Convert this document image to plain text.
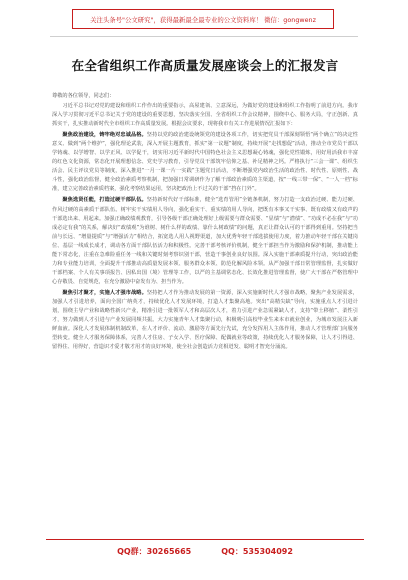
关注头条号"公文研究"，获得最新最全最专业的公文资料库！ 微信：gongwenz
在全省组织工作高质量发展座谈会上的汇报发言
尊敬的各位领导，同志们：

习近平总书记对党的建设和组织工作作出的重要指示，高屋建瓴、立意深远，为做好党的建设和组织工作指明了前进方向。我市深入学习贯彻习近平总书记关于党的建设的重要思想，坚决落实全国、全省组织工作会议精神，围绕中心、服务大局，守正创新、真抓实干，扎实推动新时代全市组织工作高质量发展。根据会议要求，现将我市有关工作进展情况汇报如下：

聚焦政治建设，铸牢绝对忠诚品格。坚持以党的政治建设统领党的建设各项工作，切实把党员干部深刻领悟“两个确立”的决定性意义、做到“两个维护”，强化理论武装，深入开展主题教育，抓实“第一议题”制度，持续开展“走找想促”活动，推动全市党员干部以学铸魂、以学增智、以学正风、以学促干，切实用习近平新时代中国特色社会主义思想凝心铸魂，强化党性锻炼，用好用活我市丰富的红色文化资源，常态化开展理想信念、党史学习教育，引导党员干部筑牢信仰之基、补足精神之钙。严格执行“三会一课”、组织生活会、民主评议党员等制度，深入推进“一月一课一片一实践”主题党日活动，不断增强党内政治生活的政治性、时代性、原则性、战斗性，强化政治监督，健全政治素质考察机制，把加强日常调研作为了解干部政治素质的主渠道，按“一线三带一保”、“一人一档”标准，建立完善政治素质档案，强化考察结果运用，坚决把政治上不过关的干部“挡在门外”。

聚焦选贤任能，打造过硬干部队伍。坚持新时代好干部标准，健全“选育管用”全链条机制，努力打造一支政治过硬、能力过硬、作风过硬的高素质干部队伍。树牢实干实绩用人导向，强化重实干、重实绩的用人导向，把既有本事又干实事、既有政绩又有政声的干部选出来、用起来。加强正确政绩观教育，引导各级干部正确处理好上级需要与群众需要、“显绩”与“潜绩”、“功成不必在我”与“功成必定有我”的关系，解决好“政绩观”为谁树、树什么样的政绩、靠什么树政绩”的问题，真正让群众认可的干部得到重用。坚持把当前与长远、“增量提质”与“增强活力”相结合，拓宽选人用人视野渠道，加大优秀年轻干部选拔使用力度，着力推动年轻干部在关键岗位、基层一线成长成才，调动各方面干部队伍活力和积极性。完善干部考核评价机制，健全干部担当作为激励和保护机制，推动能上能下常态化，注重在急难险重任务一线和关键时刻考察识别干部，营造干事创业良好氛围。深入实施干部素质提升行动，突出政治能力和专业能力培训，全面提升干部推动高质量发展本领、服务群众本领、防范化解风险本领。从严加强干部日常管理监督，扎实做好干部档案、个人有关事项报告、因私出国（境）管理等工作，以严的主基调常态化、长效化推进管理监督，使广大干部在严格管理中心存敬畏、自觉规范，在充分激励中奋发有为、担当作为。

聚焦引才聚才，实施人才强市战略。坚持把人才作为推动发展的第一资源，深入实施新时代人才强市战略，聚焦产业发展需求，加强人才引进培养，面向全国广纳英才，持续优化人才发展环境，打造人才集聚高地。突出“高精尖缺”导向，实施重点人才引进计划，围绕主导产业和战略性新兴产业，精准引进一批领军人才和高层次人才，着力引进产业急需紧缺人才，支持“带土移植”、柔性引才，努力做到人才引进与产业发展同频共振。大力实施青年人才集聚行动，积极吸引高校毕业生来本市就业创业，为城市发展注入新鲜血液。深化人才发展体制机制改革，在人才评价、流动、激励等方面先行先试，充分发挥用人主体作用，推动人才管理部门向服务型转变。健全人才服务保障体系，完善人才住房、子女入学、医疗保障、配偶就业等政策，持续优化人才服务保障，让人才引得进、留得住、用得好，营造识才爱才敬才用才的良好环境，使全社会创造活力竞相迸发、聪明才智充分涌流。

QQ群：30265665	QQ：535304092
